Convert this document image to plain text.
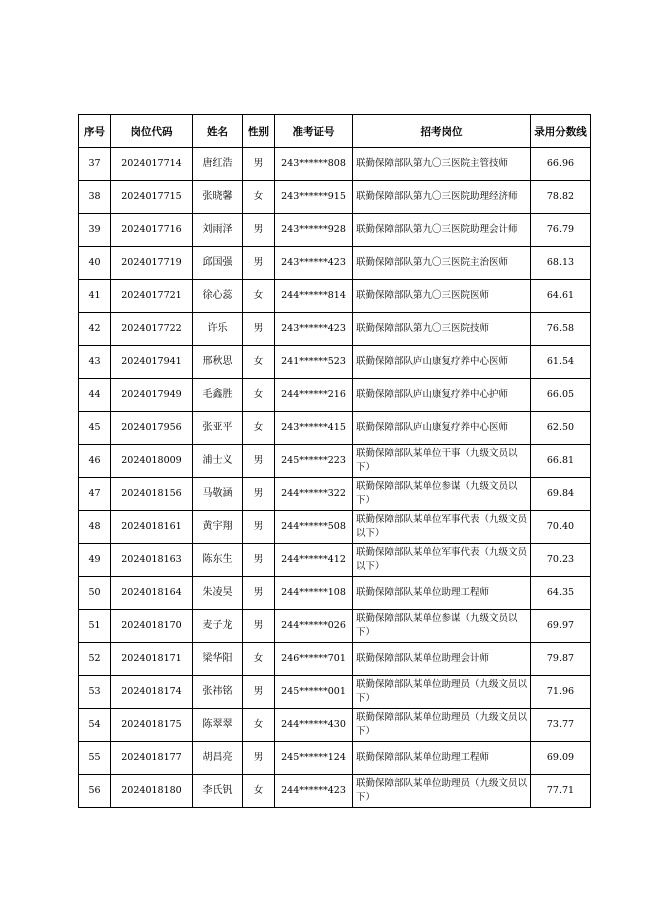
序号	岗位代码	姓名	性别	准考证号	招考岗位	录用分数线
37	2024017714	唐红浩	男	243******808	联勤保障部队第九〇三医院主管技师	66.96
38	2024017715	张晓馨	女	243******915	联勤保障部队第九〇三医院助理经济师	78.82
39	2024017716	刘雨泽	男	243******928	联勤保障部队第九〇三医院助理会计师	76.79
40	2024017719	邱国强	男	243******423	联勤保障部队第九〇三医院主治医师	68.13
41	2024017721	徐心蕊	女	244******814	联勤保障部队第九〇三医院医师	64.61
42	2024017722	许乐	男	243******423	联勤保障部队第九〇三医院技师	76.58
43	2024017941	邢秋思	女	241******523	联勤保障部队庐山康复疗养中心医师	61.54
44	2024017949	毛鑫胜	女	244******216	联勤保障部队庐山康复疗养中心护师	66.05
45	2024017956	张亚平	女	243******415	联勤保障部队庐山康复疗养中心医师	62.50
46	2024018009	浦士义	男	245******223	联勤保障部队某单位干事（九级文员以下）	66.81
47	2024018156	马敬涵	男	244******322	联勤保障部队某单位参谋（九级文员以下）	69.84
48	2024018161	黄宇翔	男	244******508	联勤保障部队某单位军事代表（九级文员以下）	70.40
49	2024018163	陈东生	男	244******412	联勤保障部队某单位军事代表（九级文员以下）	70.23
50	2024018164	朱凌昊	男	244******108	联勤保障部队某单位助理工程师	64.35
51	2024018170	麦子龙	男	244******026	联勤保障部队某单位参谋（九级文员以下）	69.97
52	2024018171	梁华阳	女	246******701	联勤保障部队某单位助理会计师	79.87
53	2024018174	张祎铭	男	245******001	联勤保障部队某单位助理员（九级文员以下）	71.96
54	2024018175	陈翠翠	女	244******430	联勤保障部队某单位助理员（九级文员以下）	73.77
55	2024018177	胡昌亮	男	245******124	联勤保障部队某单位助理工程师	69.09
56	2024018180	李氏钒	女	244******423	联勤保障部队某单位助理员（九级文员以下）	77.71
